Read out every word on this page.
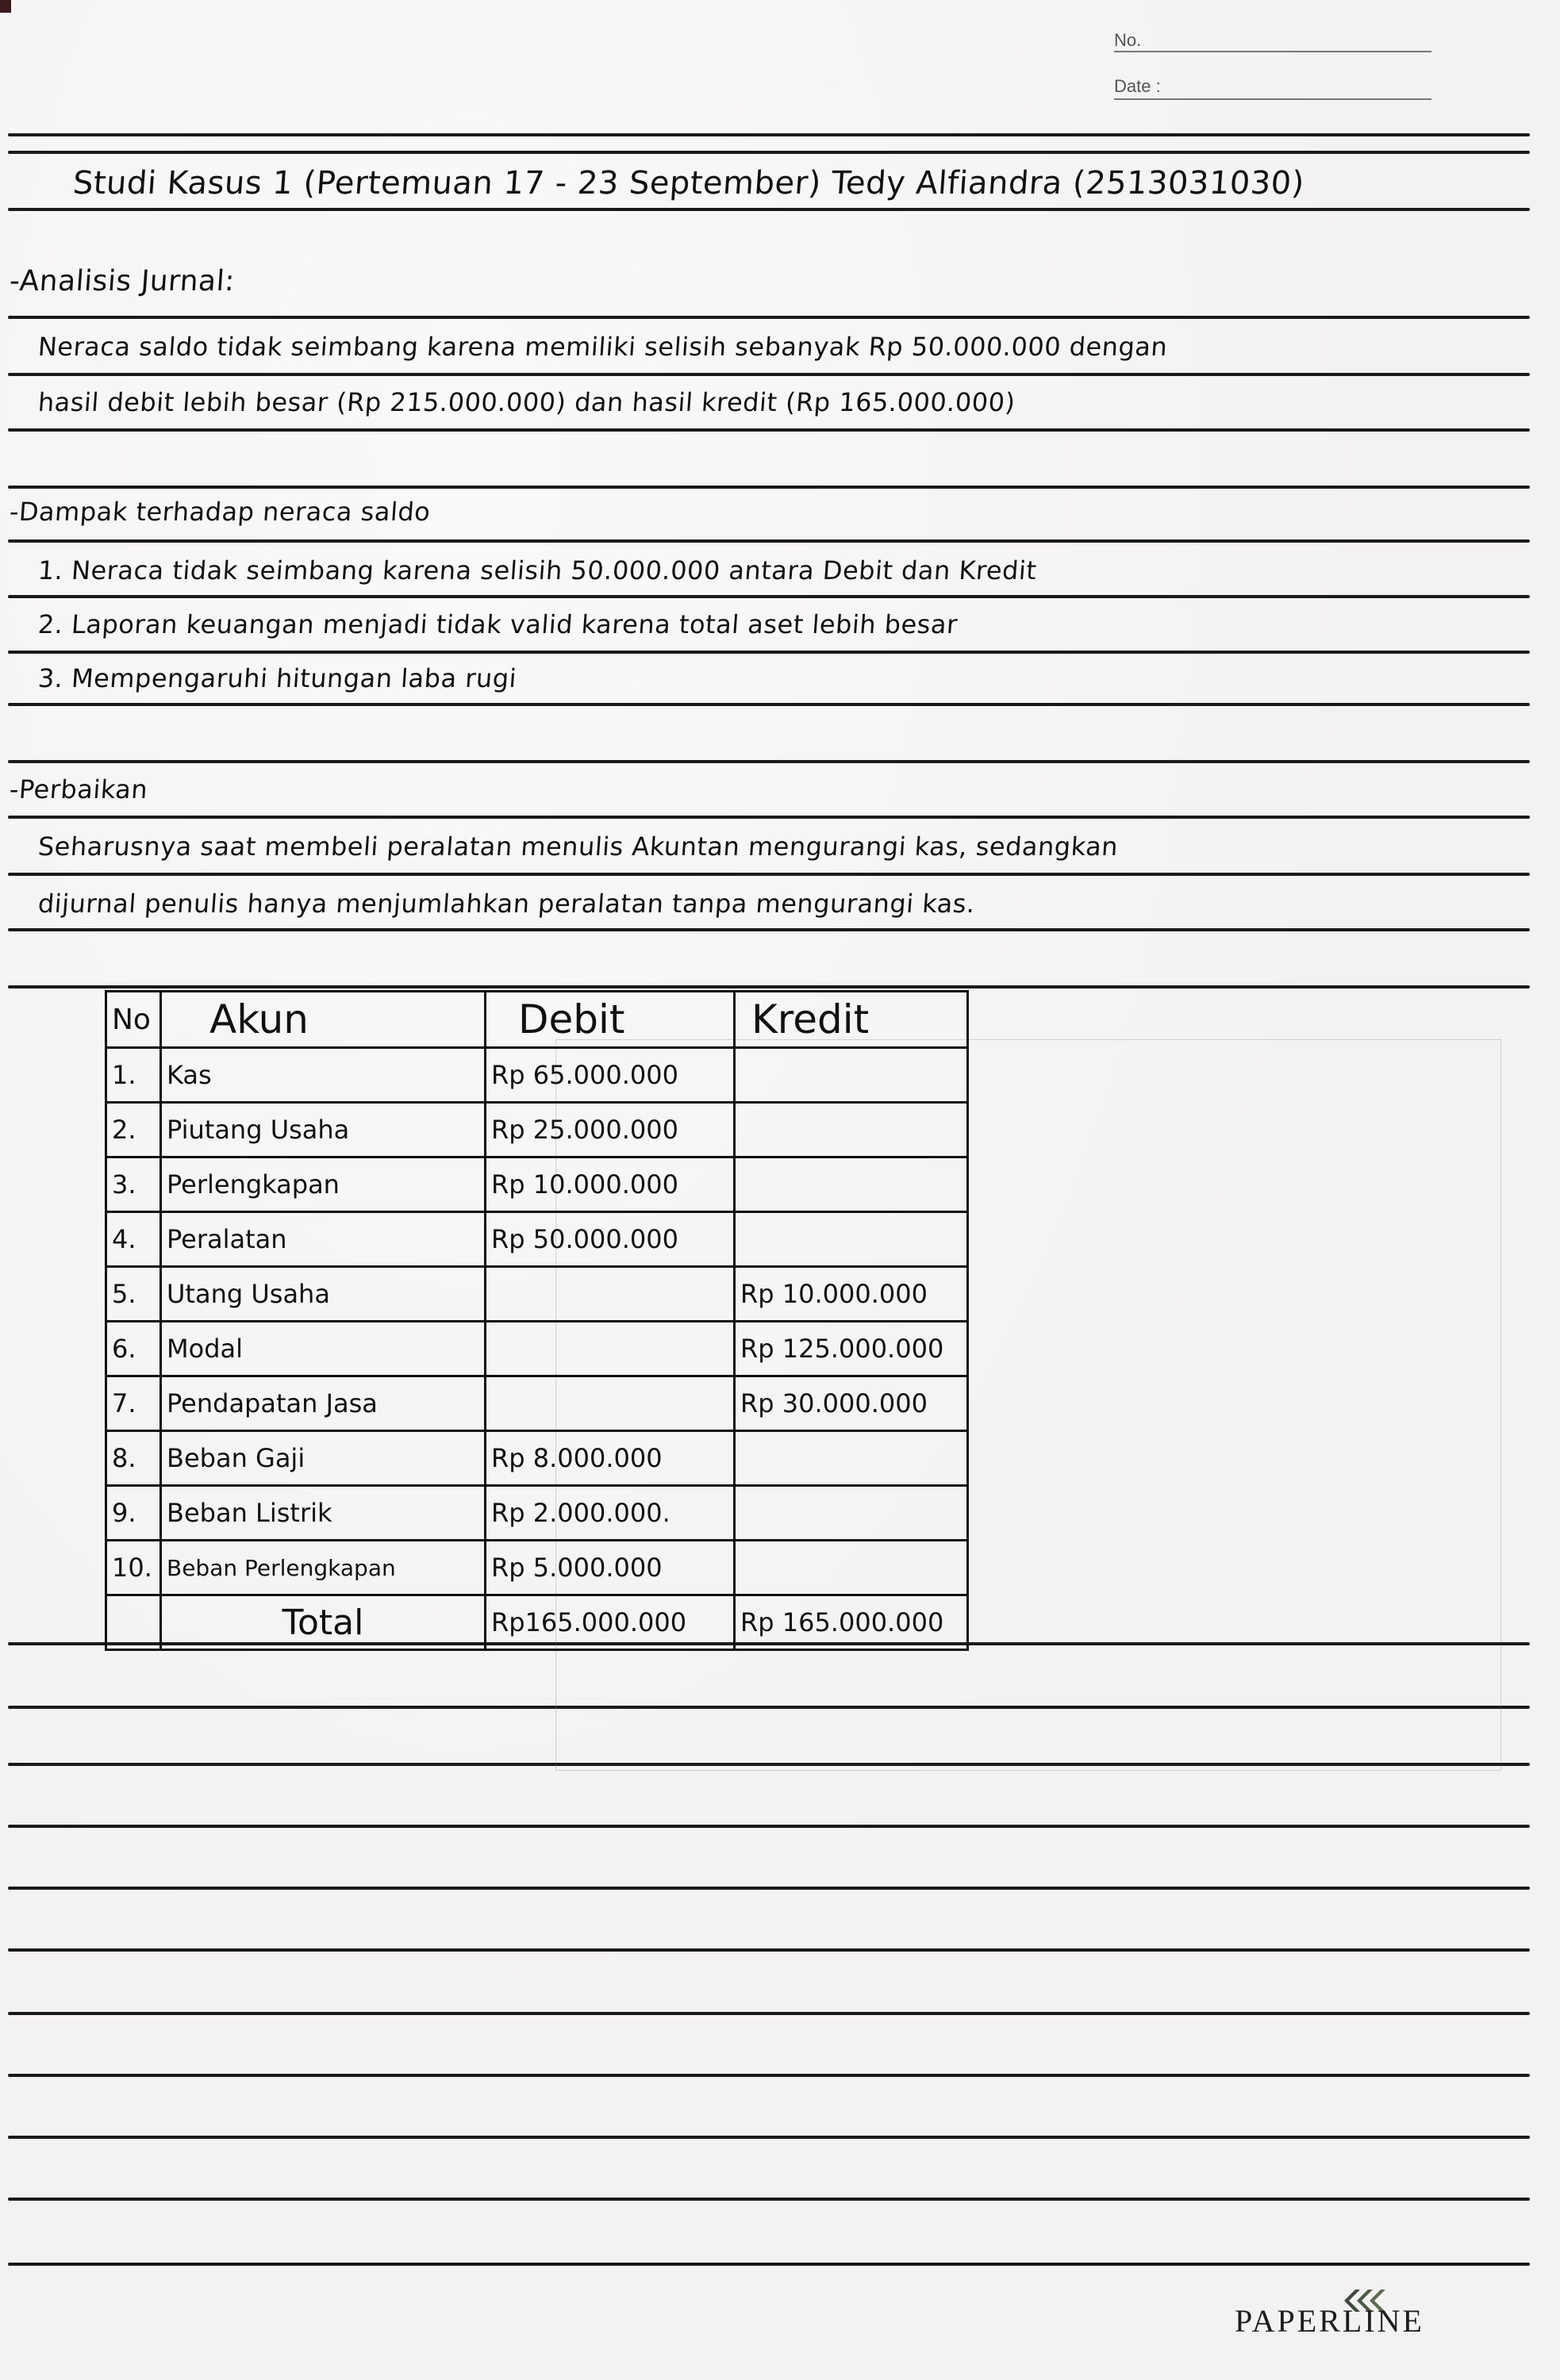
No.
Date :
Studi Kasus 1 (Pertemuan 17 - 23 September) Tedy Alfiandra (2513031030)
-Analisis Jurnal:
Neraca saldo tidak seimbang karena memiliki selisih sebanyak Rp 50.000.000 dengan
hasil debit lebih besar (Rp 215.000.000) dan hasil kredit (Rp 165.000.000)
-Dampak terhadap neraca saldo
1. Neraca tidak seimbang karena selisih 50.000.000 antara Debit dan Kredit
2. Laporan keuangan menjadi tidak valid karena total aset lebih besar
3. Mempengaruhi hitungan laba rugi
-Perbaikan
Seharusnya saat membeli peralatan menulis Akuntan mengurangi kas, sedangkan
dijurnal penulis hanya menjumlahkan peralatan tanpa mengurangi kas.
No	Akun	Debit	Kredit
1.	Kas	Rp 65.000.000	
2.	Piutang Usaha	Rp 25.000.000	
3.	Perlengkapan	Rp 10.000.000	
4.	Peralatan	Rp 50.000.000	
5.	Utang Usaha		Rp 10.000.000
6.	Modal		Rp 125.000.000
7.	Pendapatan Jasa		Rp 30.000.000
8.	Beban Gaji	Rp 8.000.000	
9.	Beban Listrik	Rp 2.000.000.	
10.	Beban Perlengkapan	Rp 5.000.000	
	Total	Rp165.000.000	Rp 165.000.000
PAPERLINE
